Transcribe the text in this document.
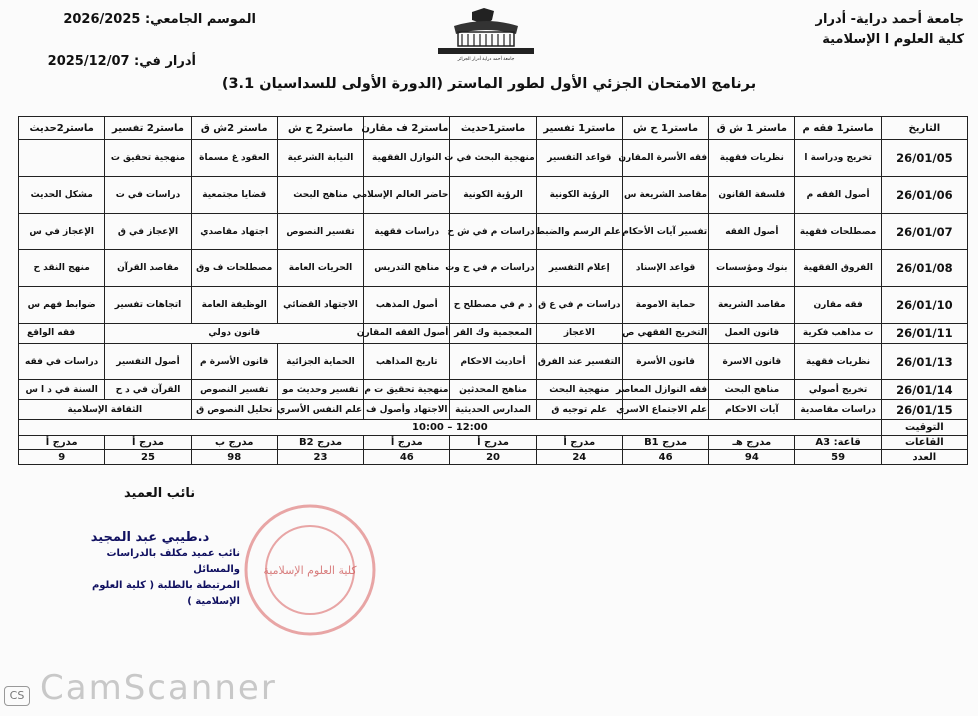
جامعة أحمد دراية- أدرار
كلية العلوم ا الإسلامية
الموسم الجامعي: 2026/2025
أدرار في: 2025/12/07	جامعة أحمد دراية أدرار الجزائر
برنامج الامتحان الجزئي الأول لطور الماستر (الدورة الأولى للسداسيان 3.1)
التاريخ	ماستر1 فقه م	ماستر 1 ش ق	ماستر1 ح ش	ماستر1 تفسير	ماستر1حديث	ماستر2 ف مقارن	ماستر2 ح ش	ماستر 2ش ق	ماستر2 تفسير	ماستر2حديث
26/01/05	تخريج ودراسة ا	نظريات فقهية	فقه الأسرة المقارن	قواعد التفسير	منهجية البحث في ت	النوازل الفقهية	النيابة الشرعية	العقود غ مسماة	منهجية تحقيق ت	
26/01/06	أصول الفقه م	فلسفة القانون	مقاصد الشريعة س	الرؤية الكونية	الرؤية الكونية	حاضر العالم الإسلامي	مناهج البحث	قضايا مجتمعية	دراسات في ت	مشكل الحديث
26/01/07	مصطلحات فقهية	أصول الفقه	تفسير آيات الأحكام	علم الرسم والضبط	دراسات م في ش ح	دراسات فقهية	تفسير النصوص	اجتهاد مقاصدي	الإعجاز في ق	الإعجاز في س
26/01/08	الفروق الفقهية	بنوك ومؤسسات	قواعد الإسناد	إعلام التفسير	دراسات م في ح وت	مناهج التدريس	الحريات العامة	مصطلحات ف وق	مقاصد القرآن	منهج النقد ح
26/01/10	فقه مقارن	مقاصد الشريعة	حماية الامومة	دراسات م في ع ق	د م في مصطلح ح	أصول المذهب	الاجتهاد القضائي	الوظيفة العامة	اتجاهات تفسير	ضوابط فهم س
26/01/11	ت مذاهب فكرية	قانون العمل	التخريج الفقهي ص	الاعجاز	المعجمية وك القر	أصول الفقه المقارن	قانون دولي			فقه الواقع
26/01/13	نظريات فقهية	قانون الاسرة	قانون الأسرة	التفسير عند الفرق	أحاديث الاحكام	تاريخ المذاهب	الحماية الجزائية	قانون الأسرة م	أصول التفسير	دراسات في فقه
26/01/14	تخريج أصولي	مناهج البحث	فقه النوازل المعاصر	منهجية البحث	مناهج المحدثين	منهجية تحقيق ت م	تفسير وحديث مو	تفسير النصوص	القرآن في د ح	السنة في د ا س
26/01/15	دراسات مقاصدية	آيات الاحكام	علم الاجتماع الاسري	علم توجيه ق	المدارس الحديثية	الاجتهاد وأصول ف	علم النفس الأسري	تحليل النصوص ق	الثقافة الإسلامية	
التوقيت	12:00 – 10:00									
القاعات	قاعة: A3	مدرج هـ	مدرج B1	مدرج أ	مدرج أ	مدرج أ	مدرج B2	مدرج ب	مدرج أ	مدرج أ
العدد	59	94	46	24	20	46	23	98	25	9
نائب العميد
د.طيبي عبد المجيد
نائب عميد مكلف بالدراسات والمسائل
المرتبطة بالطلبة ( كلية العلوم الإسلامية )
كلية العلوم الإسلامية
CamScanner
CS
